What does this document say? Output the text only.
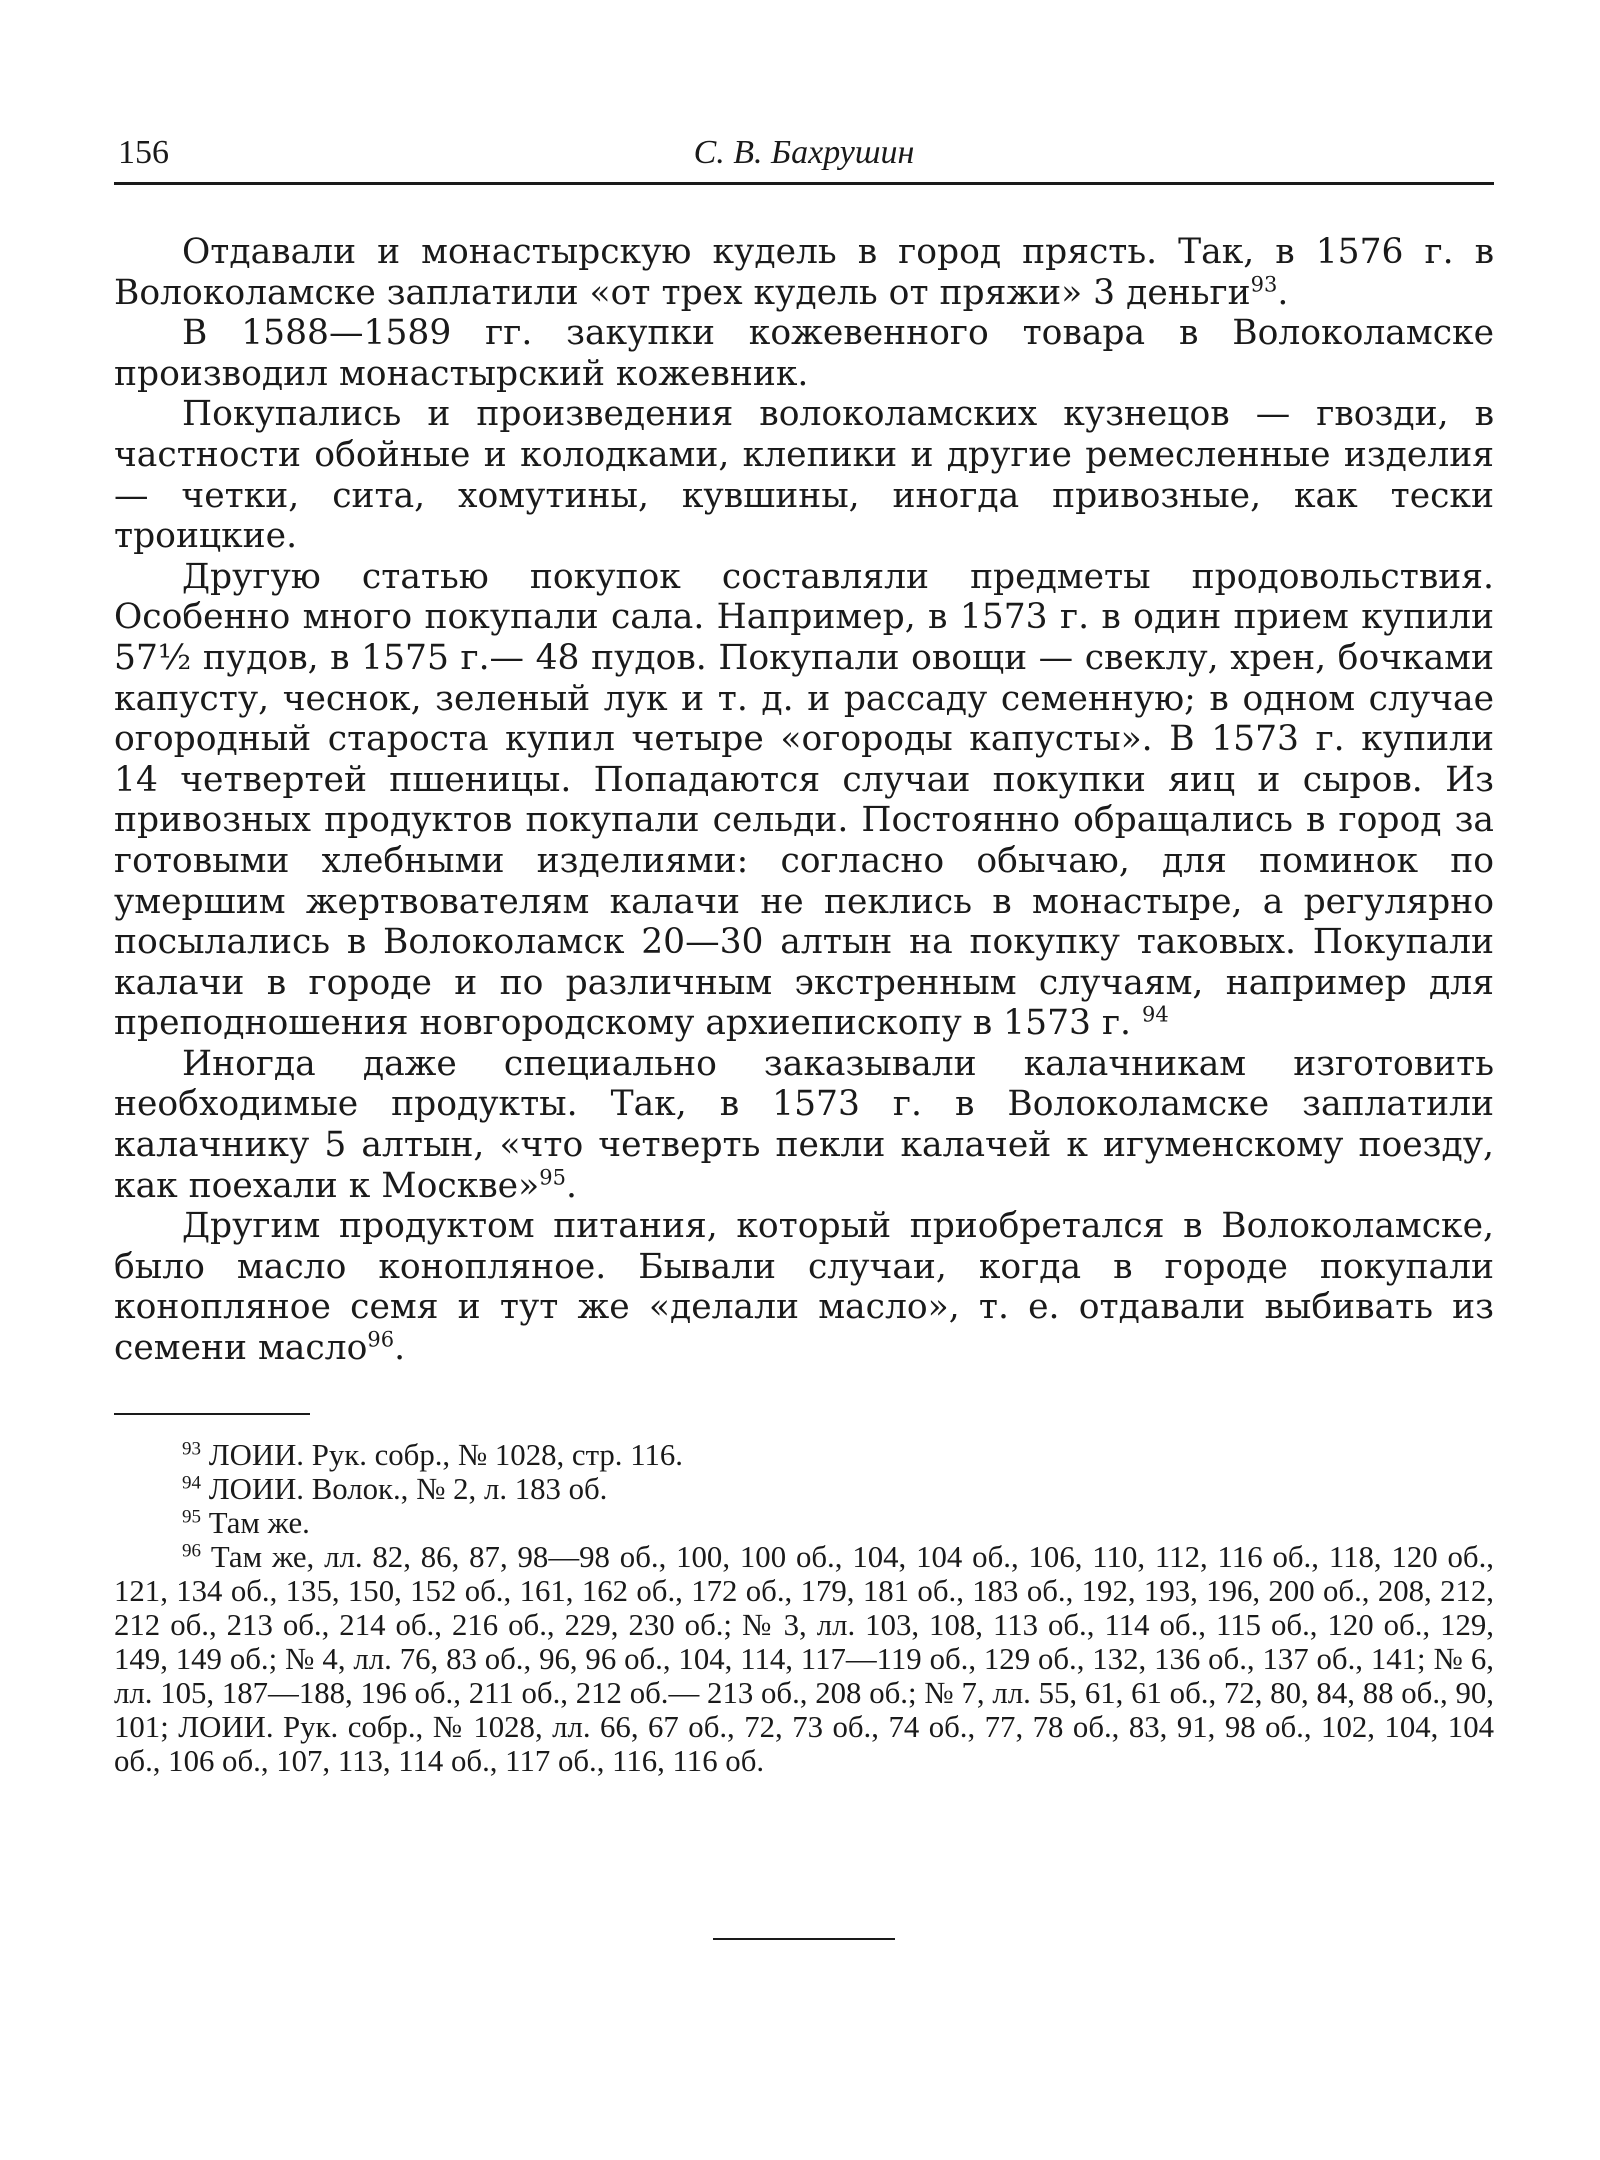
156	С. В. Бахрушин

Отдавали и монастырскую кудель в город прясть. Так, в 1576 г. в Волоколамске заплатили «от трех кудель от пряжи» 3 деньги$^{93}$.

В 1588—1589 гг. закупки кожевенного товара в Волоколамске производил монастырский кожевник.

Покупались и произведения волоколамских кузнецов — гвозди, в частности обойные и колодками, клепики и другие ремесленные изделия — четки, сита, хомутины, кувшины, иногда привозные, как тески троицкие.

Другую статью покупок составляли предметы продовольствия. Особенно много покупали сала. Например, в 1573 г. в один прием купили 57½ пудов, в 1575 г.— 48 пудов. Покупали овощи — свеклу, хрен, бочками капусту, чеснок, зеленый лук и т. д. и рассаду семенную; в одном случае огородный староста купил четыре «огороды капусты». В 1573 г. купили 14 четвертей пшеницы. Попадаются случаи покупки яиц и сыров. Из привозных продуктов покупали сельди. Постоянно обращались в город за готовыми хлебными изделиями: согласно обычаю, для поминок по умершим жертвователям калачи не пеклись в монастыре, а регулярно посылались в Волоколамск 20—30 алтын на покупку таковых. Покупали калачи в городе и по различным экстренным случаям, например для преподношения новгородскому архиепископу в 1573 г. $^{94}$

Иногда даже специально заказывали калачникам изготовить необходимые продукты. Так, в 1573 г. в Волоколамске заплатили калачнику 5 алтын, «что четверть пекли калачей к игуменскому поезду, как поехали к Москве»$^{95}$.

Другим продуктом питания, который приобретался в Волоколамске, было масло конопляное. Бывали случаи, когда в городе покупали конопляное семя и тут же «делали масло», т. е. отдавали выбивать из семени масло$^{96}$.

$^{93}$ ЛОИИ. Рук. собр., № 1028, стр. 116.

$^{94}$ ЛОИИ. Волок., № 2, л. 183 об.

$^{95}$ Там же.

$^{96}$ Там же, лл. 82, 86, 87, 98—98 об., 100, 100 об., 104, 104 об., 106, 110, 112, 116 об., 118, 120 об., 121, 134 об., 135, 150, 152 об., 161, 162 об., 172 об., 179, 181 об., 183 об., 192, 193, 196, 200 об., 208, 212, 212 об., 213 об., 214 об., 216 об., 229, 230 об.; № 3, лл. 103, 108, 113 об., 114 об., 115 об., 120 об., 129, 149, 149 об.; № 4, лл. 76, 83 об., 96, 96 об., 104, 114, 117—119 об., 129 об., 132, 136 об., 137 об., 141; № 6, лл. 105, 187—188, 196 об., 211 об., 212 об.— 213 об., 208 об.; № 7, лл. 55, 61, 61 об., 72, 80, 84, 88 об., 90, 101; ЛОИИ. Рук. собр., № 1028, лл. 66, 67 об., 72, 73 об., 74 об., 77, 78 об., 83, 91, 98 об., 102, 104, 104 об., 106 об., 107, 113, 114 об., 117 об., 116, 116 об.
